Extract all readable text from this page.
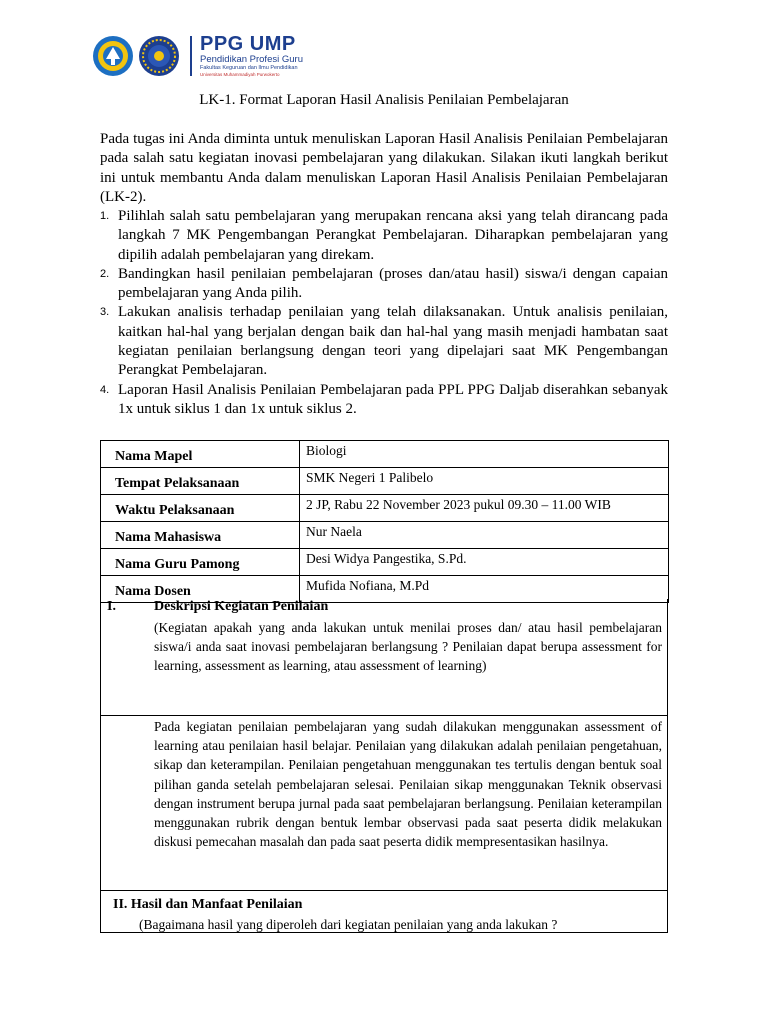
PPG UMP
Pendidikan Profesi Guru
Fakultas Keguruan dan Ilmu Pendidikan
Universitas Muhammadiyah Purwokerto
LK-1. Format Laporan Hasil Analisis Penilaian Pembelajaran

Pada tugas ini Anda diminta untuk menuliskan Laporan Hasil Analisis Penilaian Pembelajaran pada salah satu kegiatan inovasi pembelajaran yang dilakukan. Silakan ikuti langkah berikut ini untuk membantu Anda dalam menuliskan Laporan Hasil Analisis Penilaian Pembelajaran (LK-2).

1. Pilihlah salah satu pembelajaran yang merupakan rencana aksi yang telah dirancang pada langkah 7 MK Pengembangan Perangkat Pembelajaran. Diharapkan pembelajaran yang dipilih adalah pembelajaran yang direkam.
2. Bandingkan hasil penilaian pembelajaran (proses dan/atau hasil) siswa/i dengan capaian pembelajaran yang Anda pilih.
3. Lakukan analisis terhadap penilaian yang telah dilaksanakan. Untuk analisis penilaian, kaitkan hal-hal yang berjalan dengan baik dan hal-hal yang masih menjadi hambatan saat kegiatan penilaian berlangsung dengan teori yang dipelajari saat MK Pengembangan Perangkat Pembelajaran.
4. Laporan Hasil Analisis Penilaian Pembelajaran pada PPL PPG Daljab diserahkan sebanyak 1x untuk siklus 1 dan 1x untuk siklus 2.
Nama Mapel	Biologi
Tempat Pelaksanaan	SMK Negeri 1 Palibelo
Waktu Pelaksanaan	2 JP, Rabu 22 November 2023 pukul 09.30 – 11.00 WIB
Nama Mahasiswa	Nur Naela
Nama Guru Pamong	Desi Widya Pangestika, S.Pd.
Nama Dosen	Mufida Nofiana, M.Pd
I.	Deskripsi Kegiatan Penilaian
(Kegiatan apakah yang anda lakukan untuk menilai proses dan/ atau hasil pembelajaran siswa/i anda saat inovasi pembelajaran berlangsung ? Penilaian dapat berupa assessment for learning, assessment as learning, atau assessment of learning)
Pada kegiatan penilaian pembelajaran yang sudah dilakukan menggunakan assessment of learning atau penilaian hasil belajar. Penilaian yang dilakukan adalah penilaian pengetahuan, sikap dan keterampilan. Penilaian pengetahuan menggunakan tes tertulis dengan bentuk soal pilihan ganda setelah pembelajaran selesai. Penilaian sikap menggunakan Teknik observasi dengan instrument berupa jurnal pada saat pembelajaran berlangsung. Penilaian keterampilan menggunakan rubrik dengan bentuk lembar observasi pada saat peserta didik melakukan diskusi pemecahan masalah dan pada saat peserta didik mempresentasikan hasilnya.
II. Hasil dan Manfaat Penilaian
(Bagaimana hasil yang diperoleh dari kegiatan penilaian yang anda lakukan ?
